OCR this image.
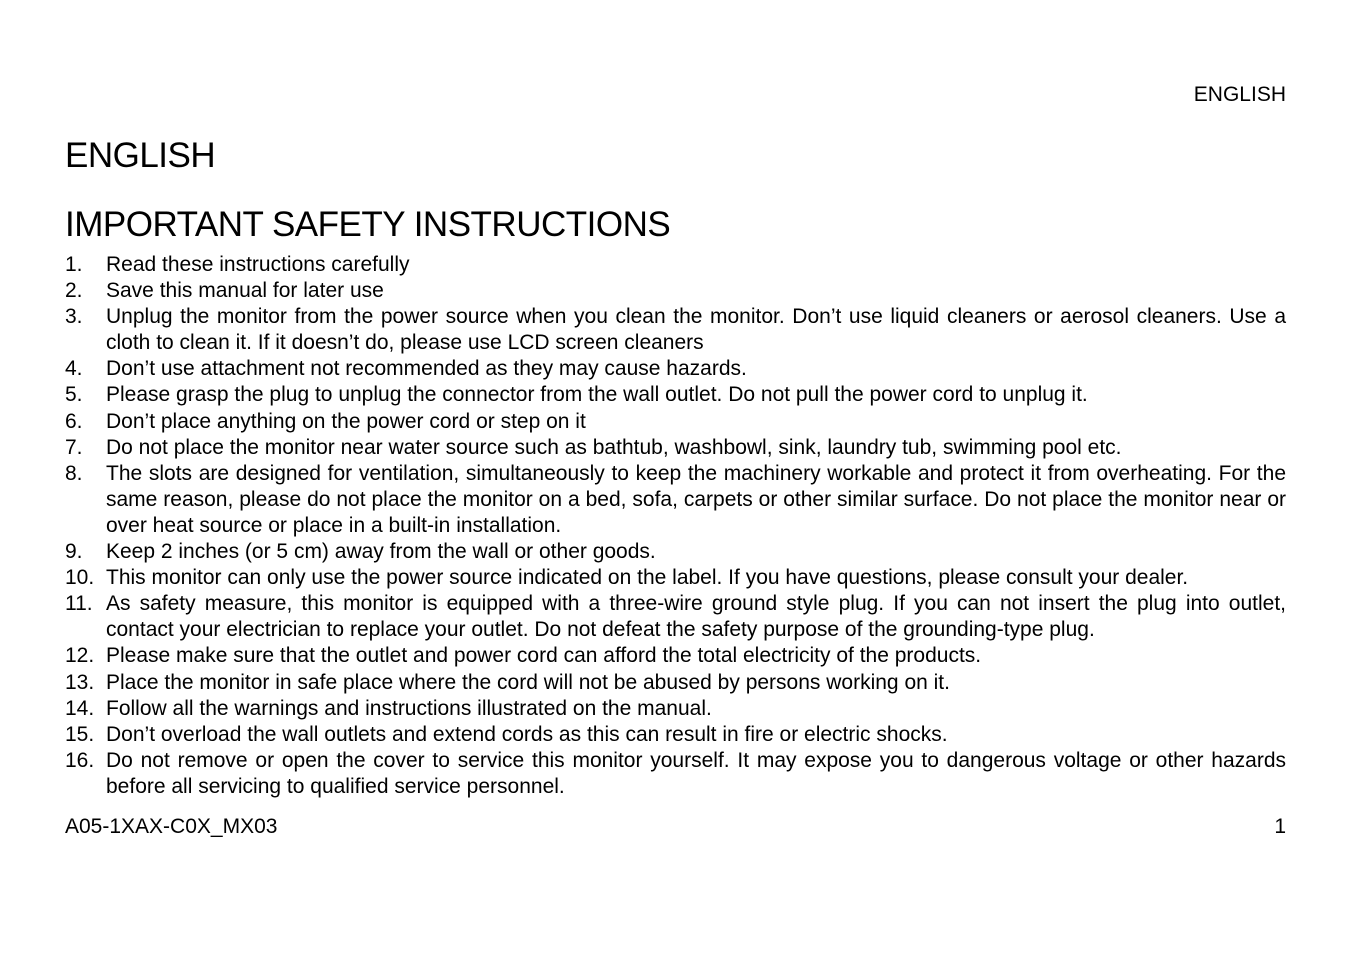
ENGLISH
ENGLISH
IMPORTANT SAFETY INSTRUCTIONS
1. Read these instructions carefully
2. Save this manual for later use
3. Unplug the monitor from the power source when you clean the monitor. Don’t use liquid cleaners or aerosol cleaners. Use a cloth to clean it. If it doesn’t do, please use LCD screen cleaners
4. Don’t use attachment not recommended as they may cause hazards.
5. Please grasp the plug to unplug the connector from the wall outlet. Do not pull the power cord to unplug it.
6. Don’t place anything on the power cord or step on it
7. Do not place the monitor near water source such as bathtub, washbowl, sink, laundry tub, swimming pool etc.
8. The slots are designed for ventilation, simultaneously to keep the machinery workable and protect it from overheating. For the same reason, please do not place the monitor on a bed, sofa, carpets or other similar surface. Do not place the monitor near or over heat source or place in a built-in installation.
9. Keep 2 inches (or 5 cm) away from the wall or other goods.
10. This monitor can only use the power source indicated on the label. If you have questions, please consult your dealer.
11. As safety measure, this monitor is equipped with a three-wire ground style plug. If you can not insert the plug into outlet, contact your electrician to replace your outlet. Do not defeat the safety purpose of the grounding-type plug.
12. Please make sure that the outlet and power cord can afford the total electricity of the products.
13. Place the monitor in safe place where the cord will not be abused by persons working on it.
14. Follow all the warnings and instructions illustrated on the manual.
15. Don’t overload the wall outlets and extend cords as this can result in fire or electric shocks.
16. Do not remove or open the cover to service this monitor yourself. It may expose you to dangerous voltage or other hazards before all servicing to qualified service personnel.
A05-1XAX-C0X_MX03	1
